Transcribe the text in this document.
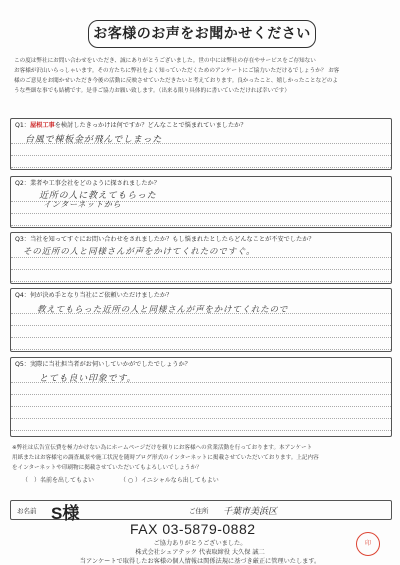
お客様のお声をお聞かせください
この度は弊社にお問い合わせをいただき、誠にありがとうございました。世の中には弊社の存在やサービスをご存知ない
お客様が沢山いらっしゃいます。その方たちに弊社をよく知っていただくためのアンケートにご協力いただけるでしょうか？ お客
様のご意見をお聞かせいただき今後の活動に反映させていただきたいと考えております。良かったこと、嬉しかったことなどのよ
うな些細な事でも結構です。是非ご協力お願い致します。（出来る限り具体的に書いていただければ幸いです）
Q1：屋根工事を検討したきっかけは何ですか？どんなことで悩まれていましたか？
台風で棟板金が飛んでしまった
Q2：業者や工事会社をどのように探されましたか？
近所の人に教えてもらった
インターネットから
Q3：当社を知ってすぐにお問い合わせをされましたか？もし悩まれたとしたらどんなことが不安でしたか？
その近所の人と同様さんが声をかけてくれたのですぐ。
Q4：何が決め手となり当社にご依頼いただけましたか？
教えてもらった近所の人と同様さんが声をかけてくれたので
Q5：実際に当社担当者がお伺いしていかがでしたでしょうか？
とても良い印象です。
※弊社は広告宣伝費を極力かけない為にホームページだけを頼りにお客様への営業活動を行っております。本アンケート
用紙またはお客様宅の調査風景や施工状況を随時ブログ形式のインターネットに掲載させていただいております。上記内容
をインターネットや印刷物に掲載させていただいてもよろしいでしょうか？
（　）名前を出してもよい	（ ○ ）イニシャルなら出してもよい
お名前 S様	ご住所 千葉市美浜区
FAX 03-5879-0882
ご協力ありがとうございました。
株式会社シェアテック 代表取締役 大久保 誠二
当アンケートで取得したお客様の個人情報は関係法規に基づき厳正に管理いたします。
印
